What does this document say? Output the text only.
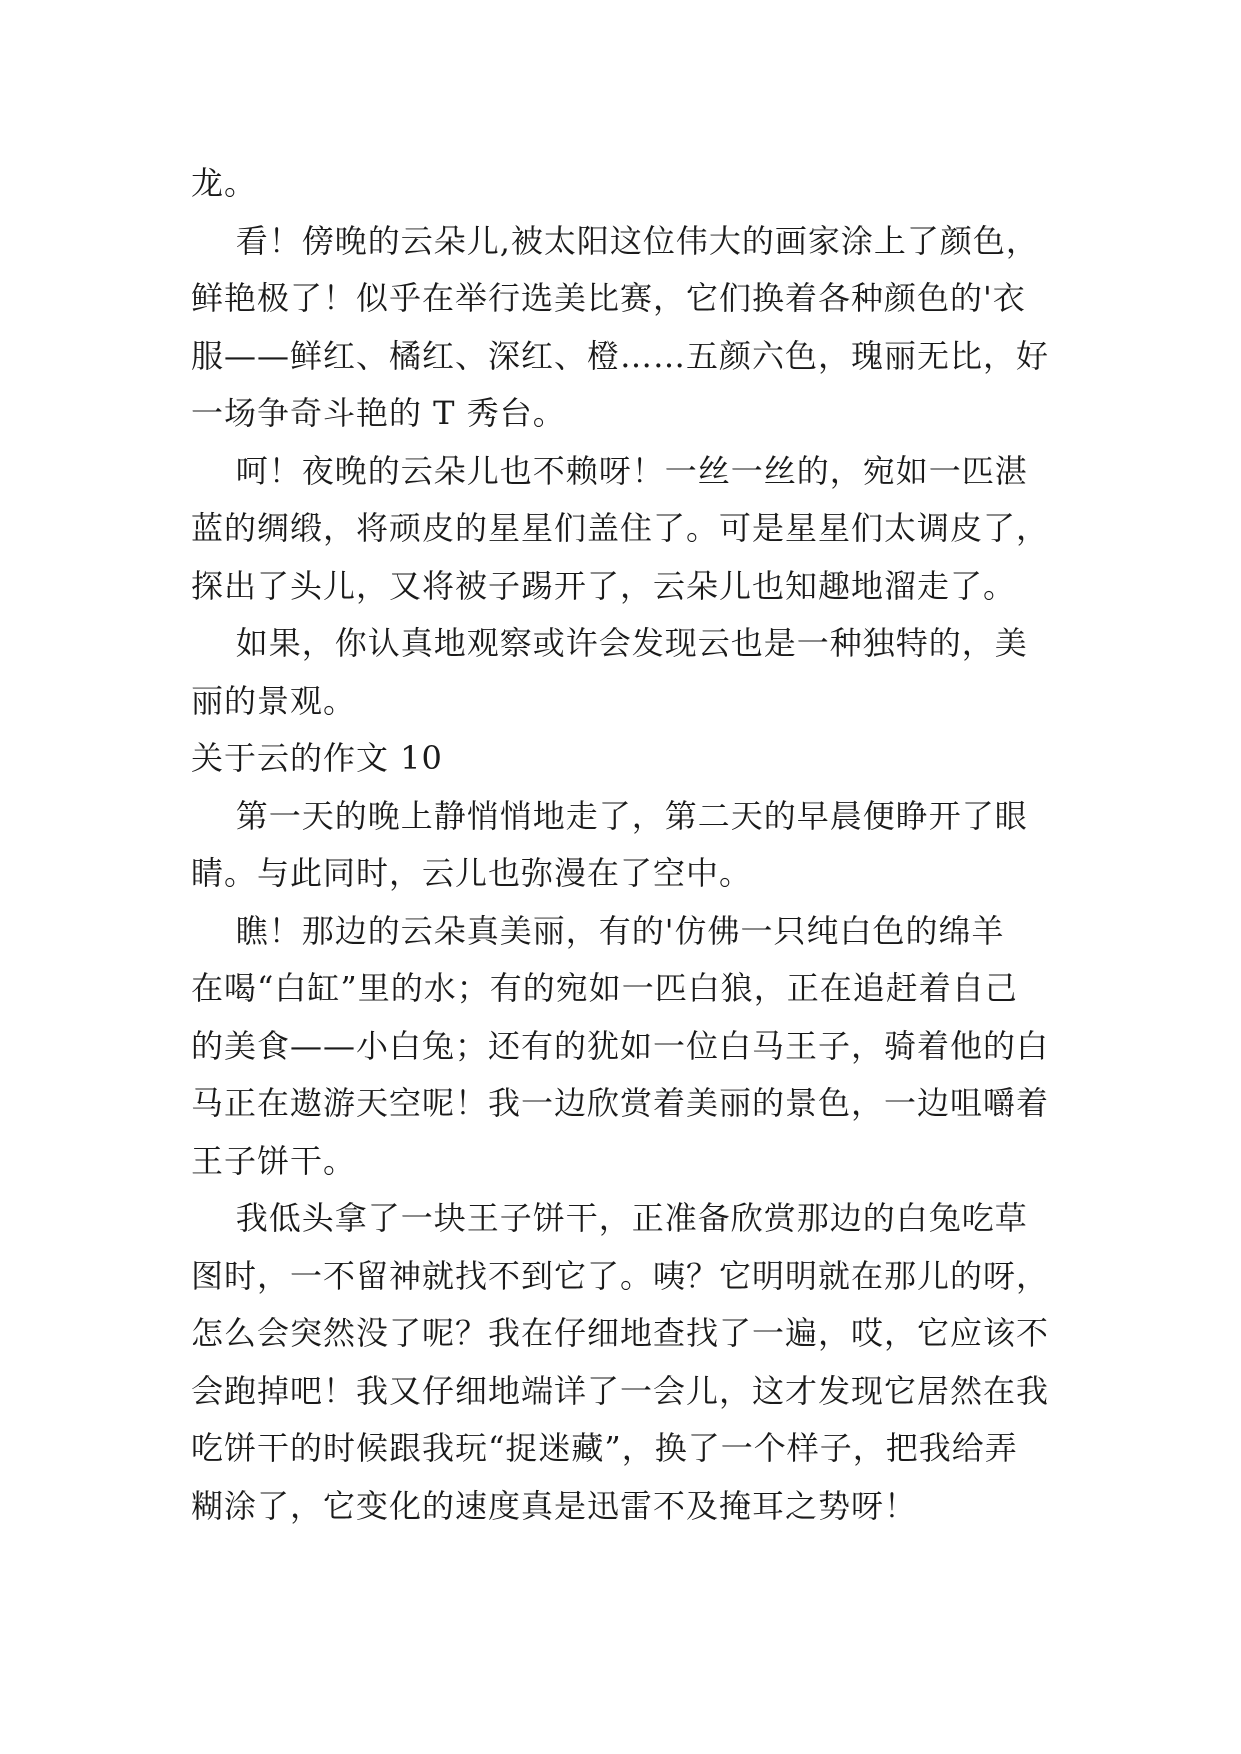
龙。
看！傍晚的云朵儿,被太阳这位伟大的画家涂上了颜色，
鲜艳极了！似乎在举行选美比赛，它们换着各种颜色的'衣
服——鲜红、橘红、深红、橙……五颜六色，瑰丽无比，好
一场争奇斗艳的 T 秀台。
呵！夜晚的云朵儿也不赖呀！一丝一丝的，宛如一匹湛
蓝的绸缎，将顽皮的星星们盖住了。可是星星们太调皮了，
探出了头儿，又将被子踢开了，云朵儿也知趣地溜走了。
如果，你认真地观察或许会发现云也是一种独特的，美
丽的景观。
关于云的作文 10
第一天的晚上静悄悄地走了，第二天的早晨便睁开了眼
睛。与此同时，云儿也弥漫在了空中。
瞧！那边的云朵真美丽，有的'仿佛一只纯白色的绵羊
在喝“白缸”里的水；有的宛如一匹白狼，正在追赶着自己
的美食——小白兔；还有的犹如一位白马王子，骑着他的白
马正在遨游天空呢！我一边欣赏着美丽的景色，一边咀嚼着
王子饼干。
我低头拿了一块王子饼干，正准备欣赏那边的白兔吃草
图时，一不留神就找不到它了。咦？它明明就在那儿的呀，
怎么会突然没了呢？我在仔细地查找了一遍，哎，它应该不
会跑掉吧！我又仔细地端详了一会儿，这才发现它居然在我
吃饼干的时候跟我玩“捉迷藏”，换了一个样子，把我给弄
糊涂了，它变化的速度真是迅雷不及掩耳之势呀！
